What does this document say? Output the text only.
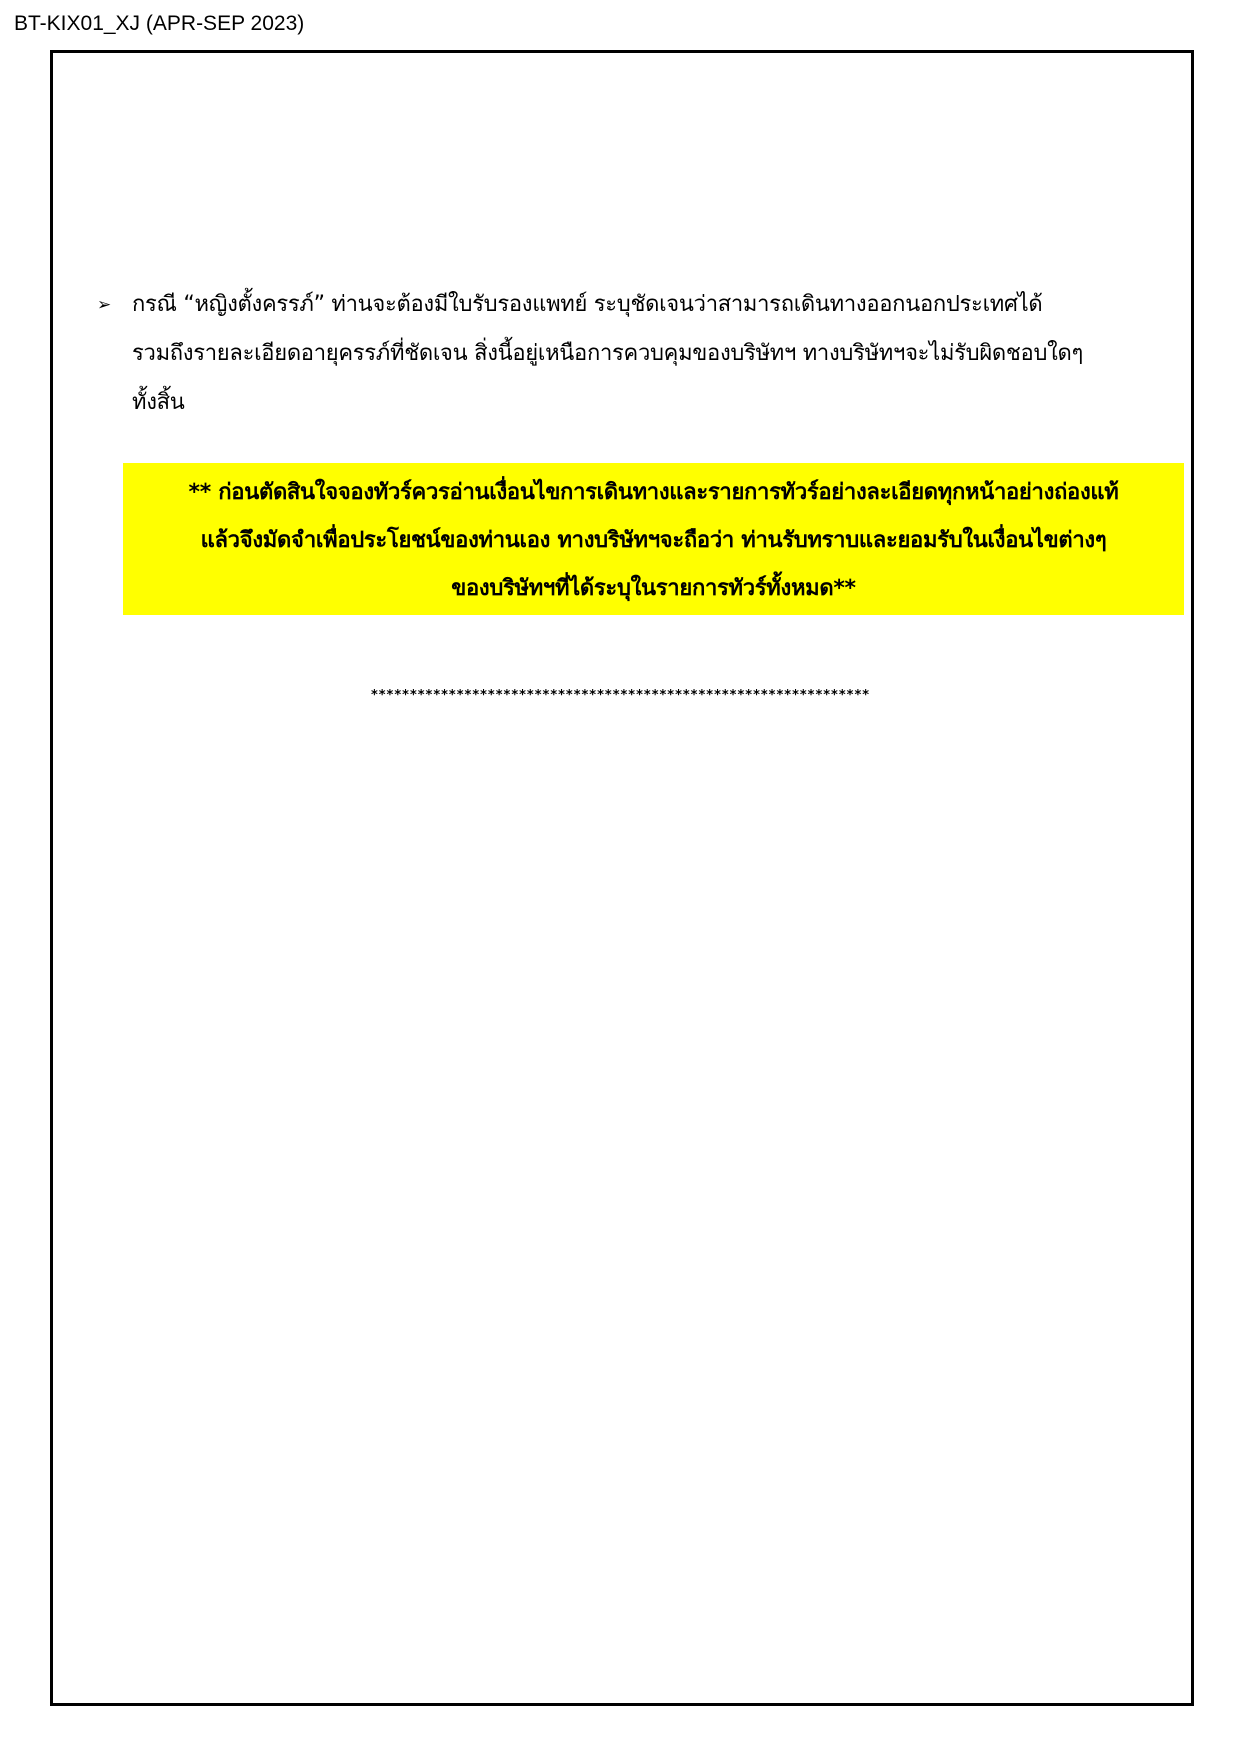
BT-KIX01_XJ (APR-SEP 2023)
➢ กรณี “หญิงตั้งครรภ์” ท่านจะต้องมีใบรับรองแพทย์ ระบุชัดเจนว่าสามารถเดินทางออกนอกประเทศได้
รวมถึงรายละเอียดอายุครรภ์ที่ชัดเจน สิ่งนี้อยู่เหนือการควบคุมของบริษัทฯ ทางบริษัทฯจะไม่รับผิดชอบใดๆ
ทั้งสิ้น
** ก่อนตัดสินใจจองทัวร์ควรอ่านเงื่อนไขการเดินทางและรายการทัวร์อย่างละเอียดทุกหน้าอย่างถ่องแท้
แล้วจึงมัดจำเพื่อประโยชน์ของท่านเอง ทางบริษัทฯจะถือว่า ท่านรับทราบและยอมรับในเงื่อนไขต่างๆ
ของบริษัทฯที่ได้ระบุในรายการทัวร์ทั้งหมด**
****************************************************************
